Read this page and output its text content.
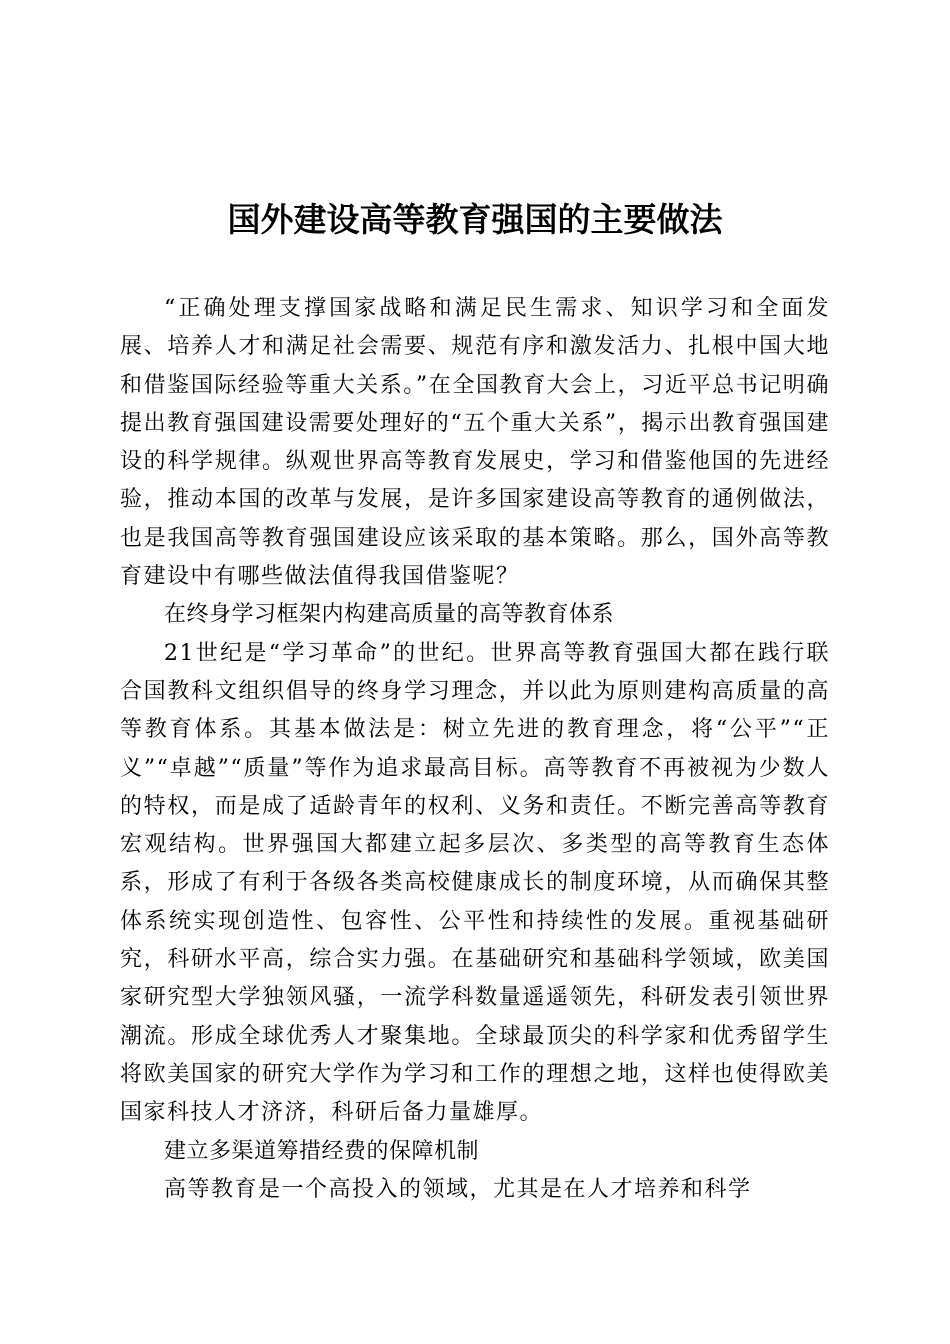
国外建设高等教育强国的主要做法

“正确处理支撑国家战略和满足民生需求、知识学习和全面发展、培养人才和满足社会需要、规范有序和激发活力、扎根中国大地和借鉴国际经验等重大关系。”在全国教育大会上，习近平总书记明确提出教育强国建设需要处理好的“五个重大关系”，揭示出教育强国建设的科学规律。纵观世界高等教育发展史，学习和借鉴他国的先进经验，推动本国的改革与发展，是许多国家建设高等教育的通例做法，也是我国高等教育强国建设应该采取的基本策略。那么，国外高等教育建设中有哪些做法值得我国借鉴呢？

在终身学习框架内构建高质量的高等教育体系

21世纪是“学习革命”的世纪。世界高等教育强国大都在践行联合国教科文组织倡导的终身学习理念，并以此为原则建构高质量的高等教育体系。其基本做法是：树立先进的教育理念，将“公平”“正义”“卓越”“质量”等作为追求最高目标。高等教育不再被视为少数人的特权，而是成了适龄青年的权利、义务和责任。不断完善高等教育宏观结构。世界强国大都建立起多层次、多类型的高等教育生态体系，形成了有利于各级各类高校健康成长的制度环境，从而确保其整体系统实现创造性、包容性、公平性和持续性的发展。重视基础研究，科研水平高，综合实力强。在基础研究和基础科学领域，欧美国家研究型大学独领风骚，一流学科数量遥遥领先，科研发表引领世界潮流。形成全球优秀人才聚集地。全球最顶尖的科学家和优秀留学生将欧美国家的研究大学作为学习和工作的理想之地，这样也使得欧美国家科技人才济济，科研后备力量雄厚。

建立多渠道筹措经费的保障机制

高等教育是一个高投入的领域，尤其是在人才培养和科学
